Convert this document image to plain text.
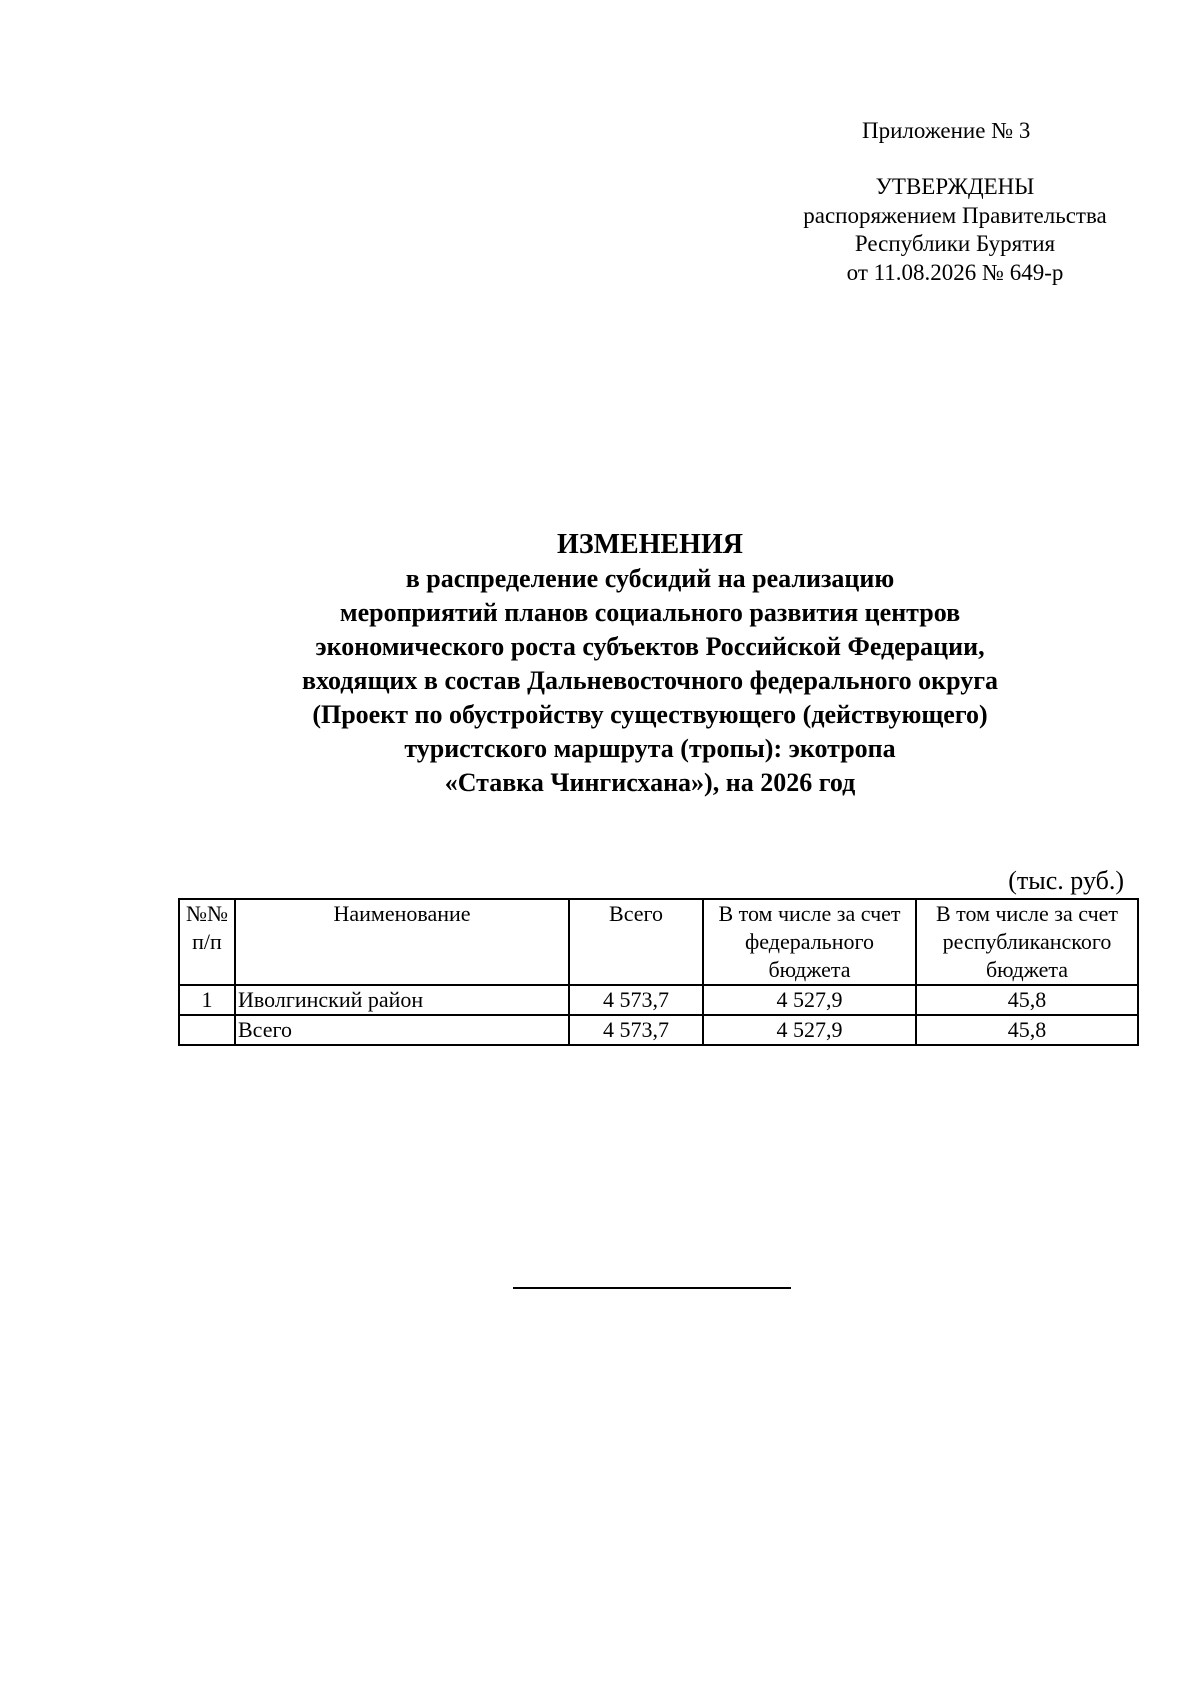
Приложение № 3
УТВЕРЖДЕНЫ
распоряжением Правительства
Республики Бурятия
от 11.08.2026 № 649-р
ИЗМЕНЕНИЯ
в распределение субсидий на реализацию
мероприятий планов социального развития центров
экономического роста субъектов Российской Федерации,
входящих в состав Дальневосточного федерального округа
(Проект по обустройству существующего (действующего)
туристского маршрута (тропы): экотропа
«Ставка Чингисхана»), на 2026 год
(тыс. руб.)
№№ п/п	Наименование	Всего	В том числе за счет федерального бюджета	В том числе за счет республиканского бюджета
1	Иволгинский район	4 573,7	4 527,9	45,8
	Всего	4 573,7	4 527,9	45,8
